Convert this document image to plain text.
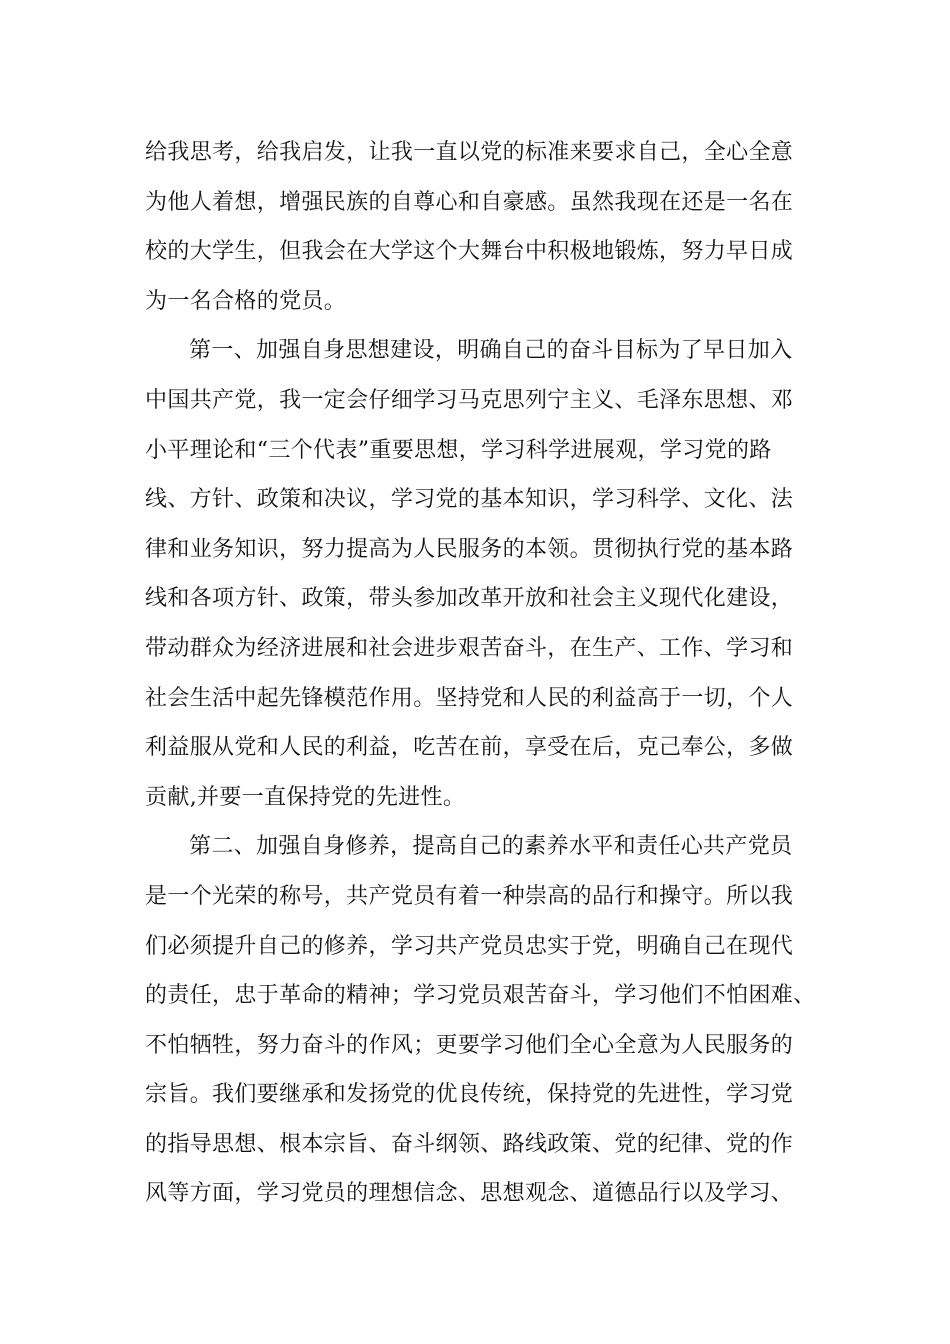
给我思考，给我启发，让我一直以党的标准来要求自己，全心全意
为他人着想，增强民族的自尊心和自豪感。虽然我现在还是一名在
校的大学生，但我会在大学这个大舞台中积极地锻炼，努力早日成
为一名合格的党员。

第一、加强自身思想建设，明确自己的奋斗目标为了早日加入
中国共产党，我一定会仔细学习马克思列宁主义、毛泽东思想、邓
小平理论和“三个代表”重要思想，学习科学进展观，学习党的路
线、方针、政策和决议，学习党的基本知识，学习科学、文化、法
律和业务知识，努力提高为人民服务的本领。贯彻执行党的基本路
线和各项方针、政策，带头参加改革开放和社会主义现代化建设，
带动群众为经济进展和社会进步艰苦奋斗，在生产、工作、学习和
社会生活中起先锋模范作用。坚持党和人民的利益高于一切，个人
利益服从党和人民的利益，吃苦在前，享受在后，克己奉公，多做
贡献,并要一直保持党的先进性。

第二、加强自身修养，提高自己的素养水平和责任心共产党员
是一个光荣的称号，共产党员有着一种崇高的品行和操守。所以我
们必须提升自己的修养，学习共产党员忠实于党，明确自己在现代
的责任，忠于革命的精神；学习党员艰苦奋斗，学习他们不怕困难、
不怕牺牲，努力奋斗的作风；更要学习他们全心全意为人民服务的
宗旨。我们要继承和发扬党的优良传统，保持党的先进性，学习党
的指导思想、根本宗旨、奋斗纲领、路线政策、党的纪律、党的作
风等方面，学习党员的理想信念、思想观念、道德品行以及学习、
